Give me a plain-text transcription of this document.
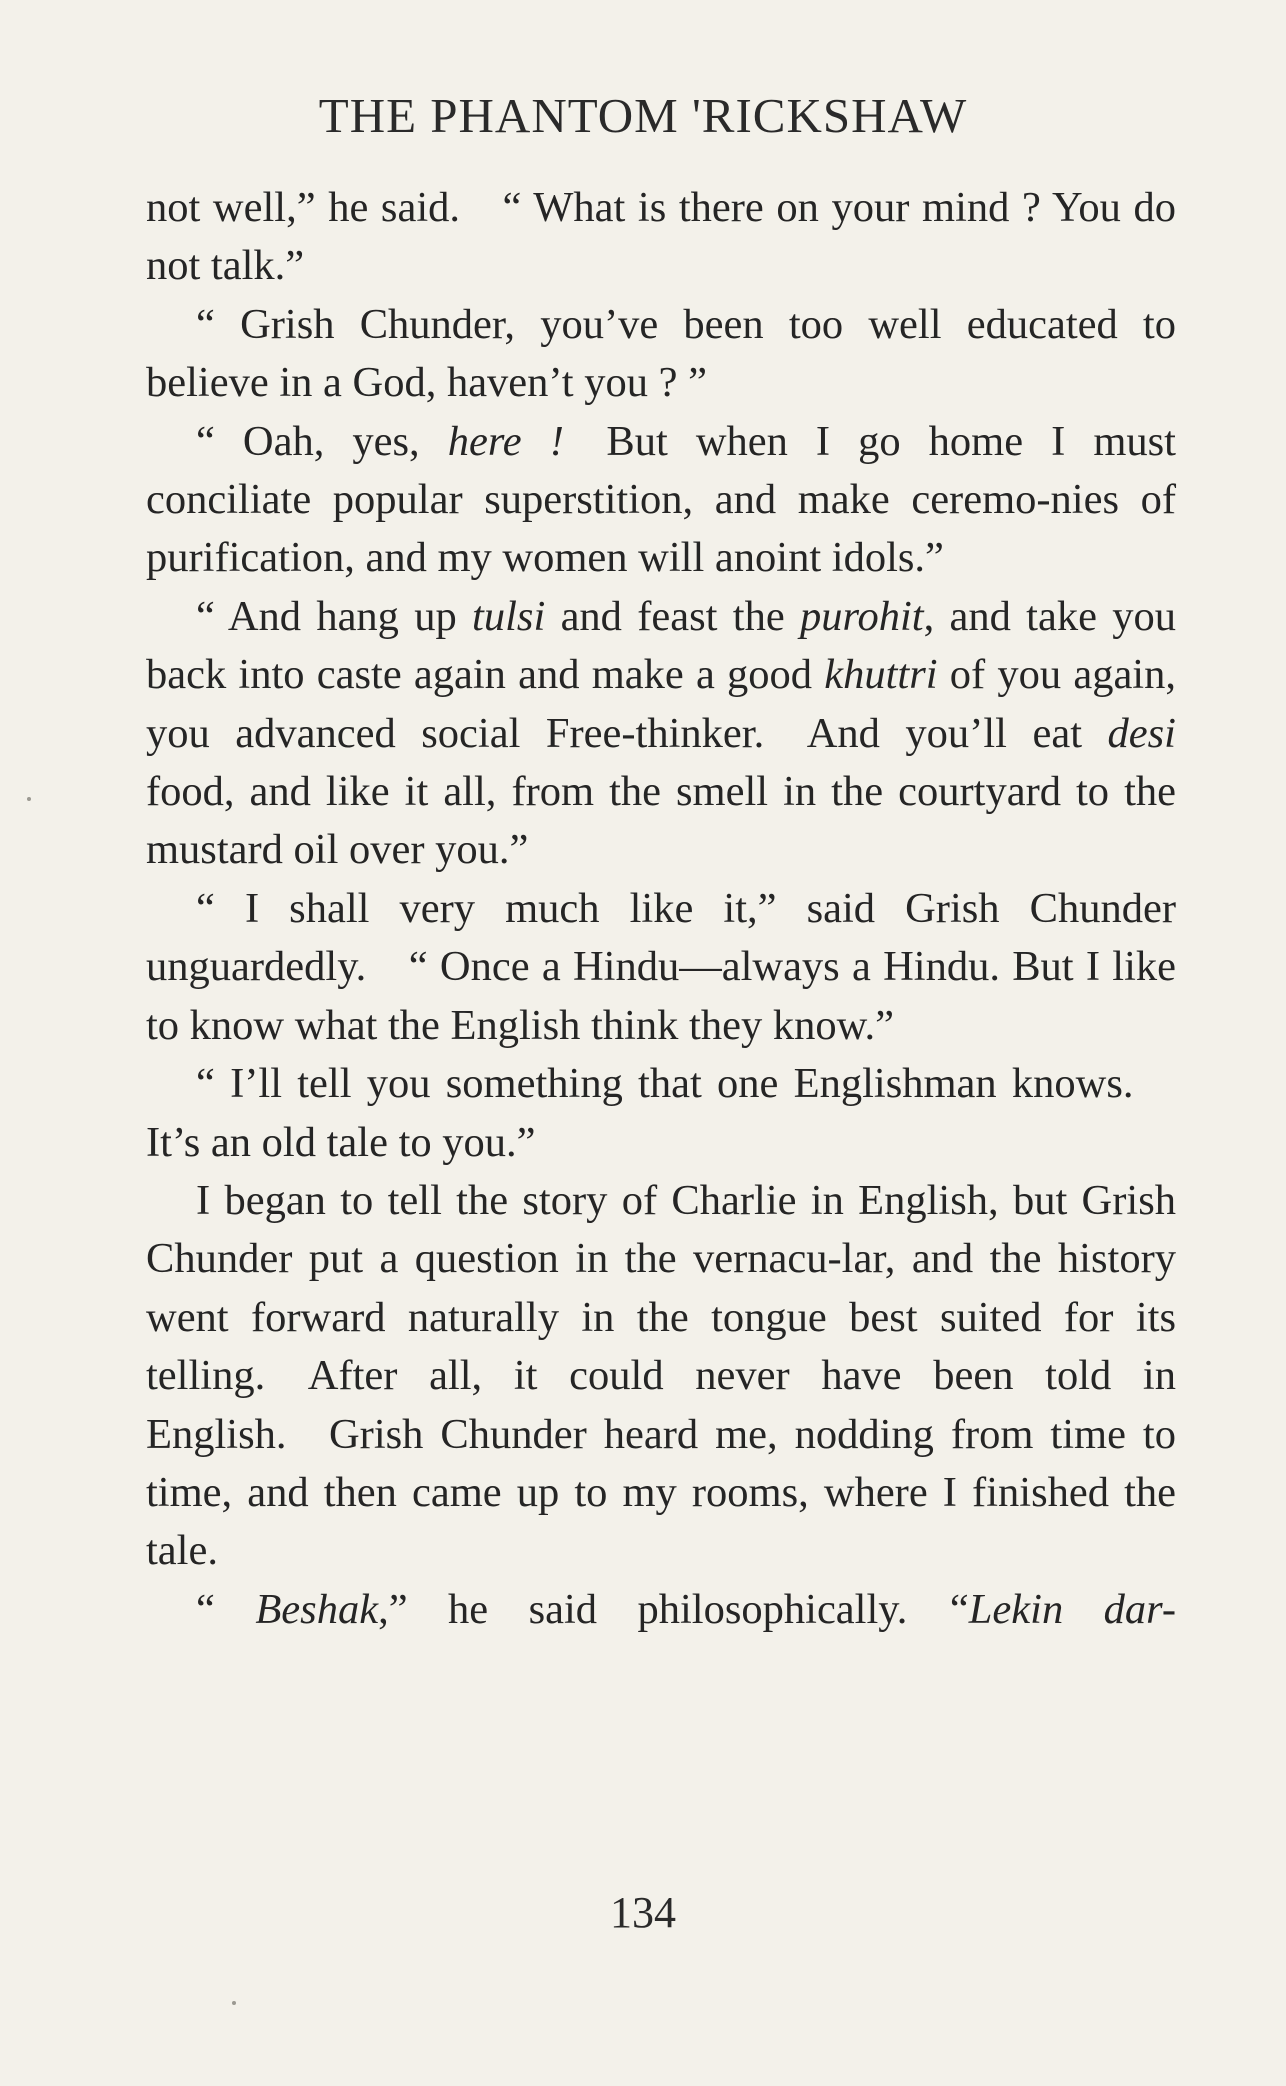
THE PHANTOM 'RICKSHAW

not well,” he said. “ What is there on your mind ? You do not talk.”

“ Grish Chunder, you’ve been too well educated to believe in a God, haven’t you ? ”

“ Oah, yes, here ! But when I go home I must conciliate popular superstition, and make ceremo-nies of purification, and my women will anoint idols.”

“ And hang up tulsi and feast the purohit, and take you back into caste again and make a good khuttri of you again, you advanced social Free-thinker. And you’ll eat desi food, and like it all, from the smell in the courtyard to the mustard oil over you.”

“ I shall very much like it,” said Grish Chunder unguardedly. “ Once a Hindu—always a Hindu. But I like to know what the English think they know.”

“ I’ll tell you something that one Englishman knows. It’s an old tale to you.”

I began to tell the story of Charlie in English, but Grish Chunder put a question in the vernacu-lar, and the history went forward naturally in the tongue best suited for its telling. After all, it could never have been told in English. Grish Chunder heard me, nodding from time to time, and then came up to my rooms, where I finished the tale.

“ Beshak,” he said philosophically. “Lekin dar-

134
